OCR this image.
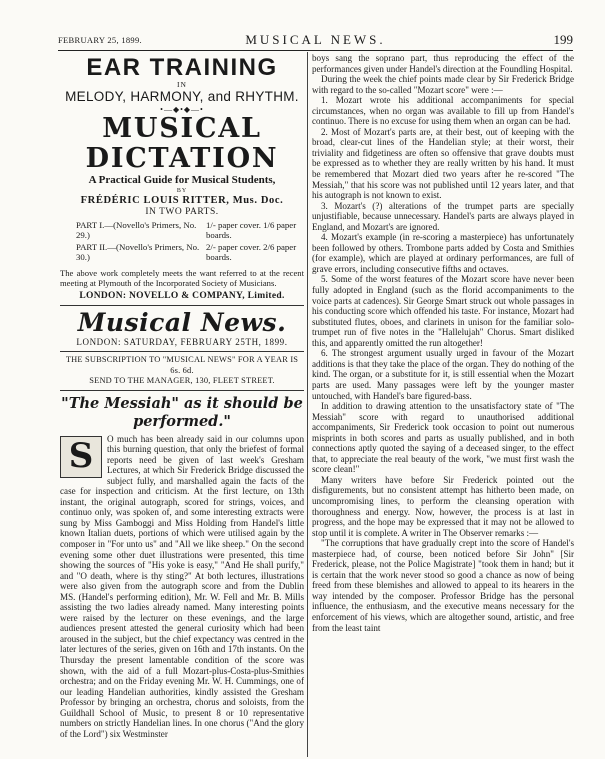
FEBRUARY 25, 1899.	MUSICAL NEWS.	199
EAR TRAINING
IN
MELODY, HARMONY, and RHYTHM.
•—◆•◆—•
MUSICAL DICTATION
A Practical Guide for Musical Students,
BY
FRÉDÉRIC LOUIS RITTER, Mus. Doc.
IN TWO PARTS.
PART I.—(Novello's Primers, No. 29.)
1/- paper cover. 1/6 paper boards.
PART II.—(Novello's Primers, No. 30.)
2/- paper cover. 2/6 paper boards.
The above work completely meets the want referred to at the recent meeting at Plymouth of the Incorporated Society of Musicians.
LONDON: NOVELLO & COMPANY, Limited.
Musical News.
LONDON: SATURDAY, FEBRUARY 25TH, 1899.
THE SUBSCRIPTION TO "MUSICAL NEWS" FOR A YEAR IS 6s. 6d.
SEND TO THE MANAGER, 130, FLEET STREET.
"The Messiah" as it should be
performed."
S	O much has been already said in our columns upon this burning question, that only the briefest of formal reports need be given of last week's Gresham Lectures, at which Sir Frederick Bridge discussed the subject fully, and marshalled again the facts of the case for inspection and criticism. At the first lecture, on 13th instant, the original autograph, scored for strings, voices, and continuo only, was spoken of, and some interesting extracts were sung by Miss Gamboggi and Miss Holding from Handel's little known Italian duets, portions of which were utilised again by the composer in "For unto us" and "All we like sheep." On the second evening some other duet illustrations were presented, this time showing the sources of "His yoke is easy," "And He shall purify," and "O death, where is thy sting?" At both lectures, illustrations were also given from the autograph score and from the Dublin MS. (Handel's performing edition), Mr. W. Fell and Mr. B. Mills assisting the two ladies already named. Many interesting points were raised by the lecturer on these evenings, and the large audiences present attested the general curiosity which had been aroused in the subject, but the chief expectancy was centred in the later lectures of the series, given on 16th and 17th instants. On the Thursday the present lamentable condition of the score was shown, with the aid of a full Mozart-plus-Costa-plus-Smithies orchestra; and on the Friday evening Mr. W. H. Cummings, one of our leading Handelian authorities, kindly assisted the Gresham Professor by bringing an orchestra, chorus and soloists, from the Guildhall School of Music, to present 8 or 10 representative numbers on strictly Handelian lines. In one chorus ("And the glory of the Lord") six Westminster

boys sang the soprano part, thus reproducing the effect of the performances given under Handel's direction at the Foundling Hospital.

During the week the chief points made clear by Sir Frederick Bridge with regard to the so-called "Mozart score" were :—

1. Mozart wrote his additional accompaniments for special circumstances, when no organ was available to fill up from Handel's continuo. There is no excuse for using them when an organ can be had.

2. Most of Mozart's parts are, at their best, out of keeping with the broad, clear-cut lines of the Handelian style; at their worst, their triviality and fidgetiness are often so offensive that grave doubts must be expressed as to whether they are really written by his hand. It must be remembered that Mozart died two years after he re-scored "The Messiah," that his score was not published until 12 years later, and that his autograph is not known to exist.

3. Mozart's (?) alterations of the trumpet parts are specially unjustifiable, because unnecessary. Handel's parts are always played in England, and Mozart's are ignored.

4. Mozart's example (in re-scoring a masterpiece) has unfortunately been followed by others. Trombone parts added by Costa and Smithies (for example), which are played at ordinary performances, are full of grave errors, including consecutive fifths and octaves.

5. Some of the worst features of the Mozart score have never been fully adopted in England (such as the florid accompaniments to the voice parts at cadences). Sir George Smart struck out whole passages in his conducting score which offended his taste. For instance, Mozart had substituted flutes, oboes, and clarinets in unison for the familiar solo-trumpet run of five notes in the "Hallelujah" Chorus. Smart disliked this, and apparently omitted the run altogether!

6. The strongest argument usually urged in favour of the Mozart additions is that they take the place of the organ. They do nothing of the kind. The organ, or a substitute for it, is still essential when the Mozart parts are used. Many passages were left by the younger master untouched, with Handel's bare figured-bass.

In addition to drawing attention to the unsatisfactory state of "The Messiah" score with regard to unauthorised additional accompaniments, Sir Frederick took occasion to point out numerous misprints in both scores and parts as usually published, and in both connections aptly quoted the saying of a deceased singer, to the effect that, to appreciate the real beauty of the work, "we must first wash the score clean!"

Many writers have before Sir Frederick pointed out the disfigurements, but no consistent attempt has hitherto been made, on uncompromising lines, to perform the cleansing operation with thoroughness and energy. Now, however, the process is at last in progress, and the hope may be expressed that it may not be allowed to stop until it is complete. A writer in The Observer remarks :—

"The corruptions that have gradually crept into the score of Handel's masterpiece had, of course, been noticed before Sir John" [Sir Frederick, please, not the Police Magistrate] "took them in hand; but it is certain that the work never stood so good a chance as now of being freed from these blemishes and allowed to appeal to its hearers in the way intended by the composer. Professor Bridge has the personal influence, the enthusiasm, and the executive means necessary for the enforcement of his views, which are altogether sound, artistic, and free from the least taint
